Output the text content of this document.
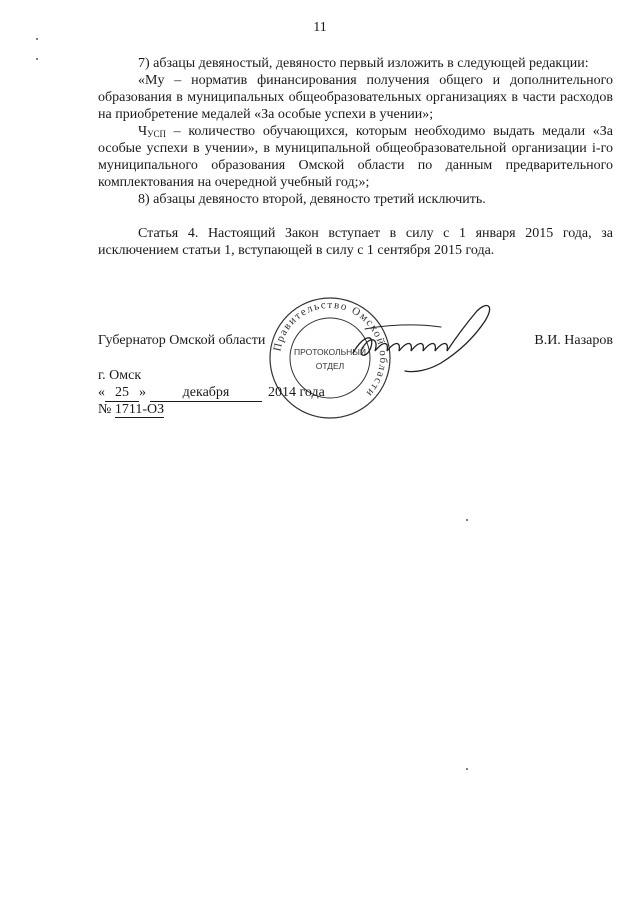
11

7) абзацы девяностый, девяносто первый изложить в следующей редакции:

«Mу – норматив финансирования получения общего и дополнительного образования в муниципальных общеобразовательных организациях в части расходов на приобретение медалей «За особые успехи в учении»;

$Ч_{УСП}$ – количество обучающихся, которым необходимо выдать медали «За особые успехи в учении», в муниципальной общеобразовательной организации i-го муниципального образования Омской области по данным предварительного комплектования на очередной учебный год;»;

8) абзацы девяносто второй, девяносто третий исключить.

Статья 4. Настоящий Закон вступает в силу с 1 января 2015 года, за исключением статьи 1, вступающей в силу с 1 сентября 2015 года.

Губернатор Омской области	В.И. Назаров
Правительство Омской области
ПРОТОКОЛЬНЫЙ
ОТДЕЛ
г. Омск
« 25 »	декабря	2014 года
№ 1711-ОЗ
